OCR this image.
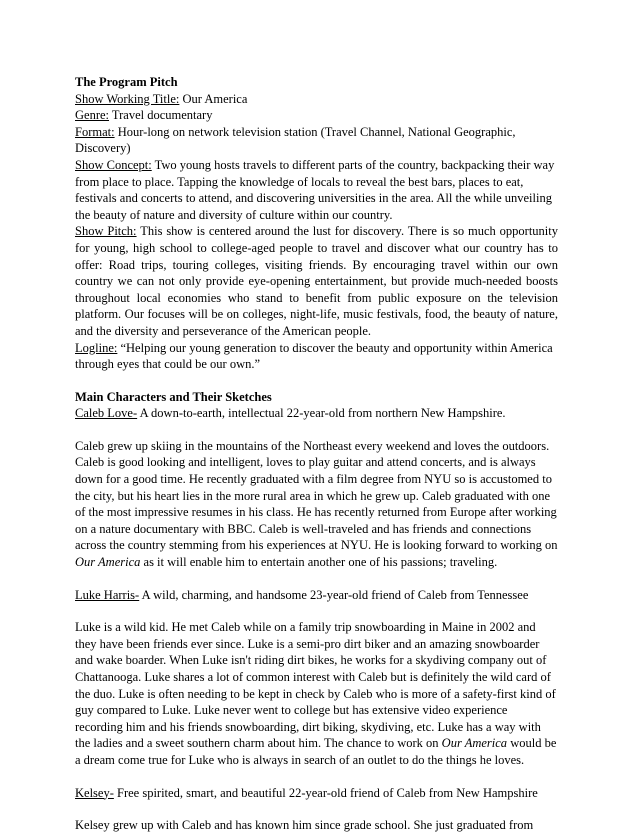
The Program Pitch

Show Working Title: Our America

Genre: Travel documentary

Format: Hour-long on network television station (Travel Channel, National Geographic, Discovery)

Show Concept: Two young hosts travels to different parts of the country, backpacking their way from place to place. Tapping the knowledge of locals to reveal the best bars, places to eat, festivals and concerts to attend, and discovering universities in the area. All the while unveiling the beauty of nature and diversity of culture within our country.

Show Pitch: This show is centered around the lust for discovery. There is so much opportunity for young, high school to college-aged people to travel and discover what our country has to offer: Road trips, touring colleges, visiting friends. By encouraging travel within our own country we can not only provide eye-opening entertainment, but provide much-needed boosts throughout local economies who stand to benefit from public exposure on the television platform. Our focuses will be on colleges, night-life, music festivals, food, the beauty of nature, and the diversity and perseverance of the American people.

Logline: “Helping our young generation to discover the beauty and opportunity within America through eyes that could be our own.”

Main Characters and Their Sketches

Caleb Love- A down-to-earth, intellectual 22-year-old from northern New Hampshire.

Caleb grew up skiing in the mountains of the Northeast every weekend and loves the outdoors. Caleb is good looking and intelligent, loves to play guitar and attend concerts, and is always down for a good time. He recently graduated with a film degree from NYU so is accustomed to the city, but his heart lies in the more rural area in which he grew up. Caleb graduated with one of the most impressive resumes in his class. He has recently returned from Europe after working on a nature documentary with BBC. Caleb is well-traveled and has friends and connections across the country stemming from his experiences at NYU. He is looking forward to working on Our America as it will enable him to entertain another one of his passions; traveling.

Luke Harris- A wild, charming, and handsome 23-year-old friend of Caleb from Tennessee

Luke is a wild kid. He met Caleb while on a family trip snowboarding in Maine in 2002 and they have been friends ever since. Luke is a semi-pro dirt biker and an amazing snowboarder and wake boarder. When Luke isn't riding dirt bikes, he works for a skydiving company out of Chattanooga. Luke shares a lot of common interest with Caleb but is definitely the wild card of the duo. Luke is often needing to be kept in check by Caleb who is more of a safety-first kind of guy compared to Luke. Luke never went to college but has extensive video experience recording him and his friends snowboarding, dirt biking, skydiving, etc. Luke has a way with the ladies and a sweet southern charm about him. The chance to work on Our America would be a dream come true for Luke who is always in search of an outlet to do the things he loves.

Kelsey- Free spirited, smart, and beautiful 22-year-old friend of Caleb from New Hampshire

Kelsey grew up with Caleb and has known him since grade school. She just graduated from
